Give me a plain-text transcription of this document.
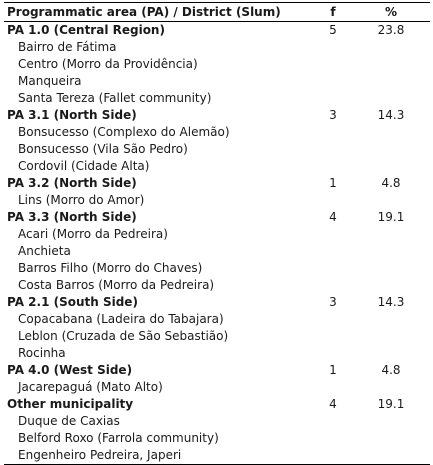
Programmatic area (PA) / District (Slum)	f	%
PA 1.0 (Central Region)	5	23.8
Bairro de Fátima		
Centro (Morro da Providência)		
Manqueira		
Santa Tereza (Fallet community)		
PA 3.1 (North Side)	3	14.3
Bonsucesso (Complexo do Alemão)		
Bonsucesso (Vila São Pedro)		
Cordovil (Cidade Alta)		
PA 3.2 (North Side)	1	4.8
Lins (Morro do Amor)		
PA 3.3 (North Side)	4	19.1
Acari (Morro da Pedreira)		
Anchieta		
Barros Filho (Morro do Chaves)		
Costa Barros (Morro da Pedreira)		
PA 2.1 (South Side)	3	14.3
Copacabana (Ladeira do Tabajara)		
Leblon (Cruzada de São Sebastião)		
Rocinha		
PA 4.0 (West Side)	1	4.8
Jacarepaguá (Mato Alto)		
Other municipality	4	19.1
Duque de Caxias		
Belford Roxo (Farrola community)		
Engenheiro Pedreira, Japeri		
